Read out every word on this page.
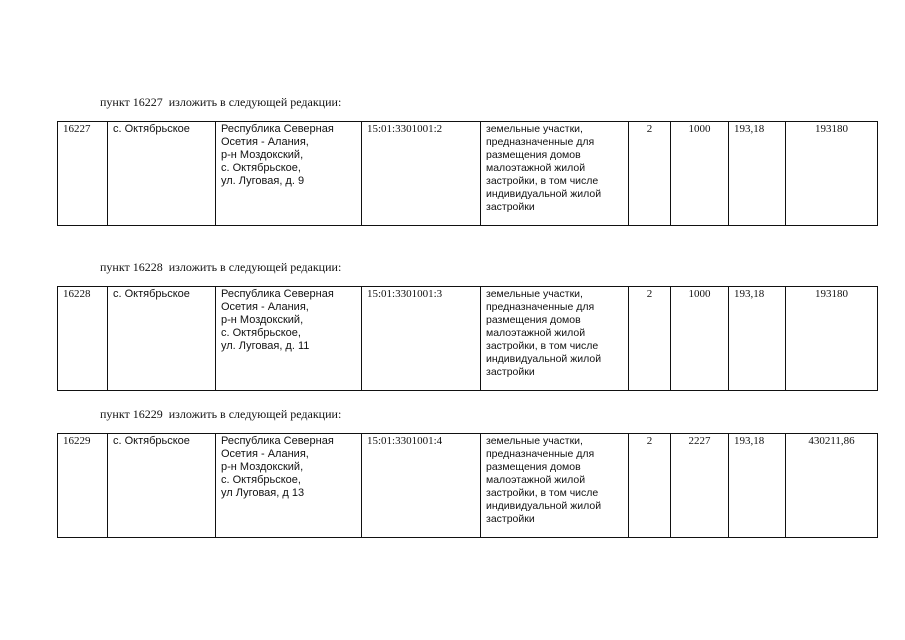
пункт 16227  изложить в следующей редакции:
16227	с. Октябрьское	Республика Северная
Осетия - Алания,
р-н Моздокский,
с. Октябрьское,
ул. Луговая, д. 9
	15:01:3301001:2	земельные участки,
предназначенные для
размещения домов
малоэтажной жилой
застройки, в том числе
индивидуальной жилой
застройки
	2	1000	193,18	193180
пункт 16228  изложить в следующей редакции:
16228	с. Октябрьское	Республика Северная
Осетия - Алания,
р-н Моздокский,
с. Октябрьское,
ул. Луговая, д. 11
	15:01:3301001:3	земельные участки,
предназначенные для
размещения домов
малоэтажной жилой
застройки, в том числе
индивидуальной жилой
застройки
	2	1000	193,18	193180
пункт 16229  изложить в следующей редакции:
16229	с. Октябрьское	Республика Северная
Осетия - Алания,
р-н Моздокский,
с. Октябрьское,
ул Луговая, д 13
	15:01:3301001:4	земельные участки,
предназначенные для
размещения домов
малоэтажной жилой
застройки, в том числе
индивидуальной жилой
застройки
	2	2227	193,18	430211,86
